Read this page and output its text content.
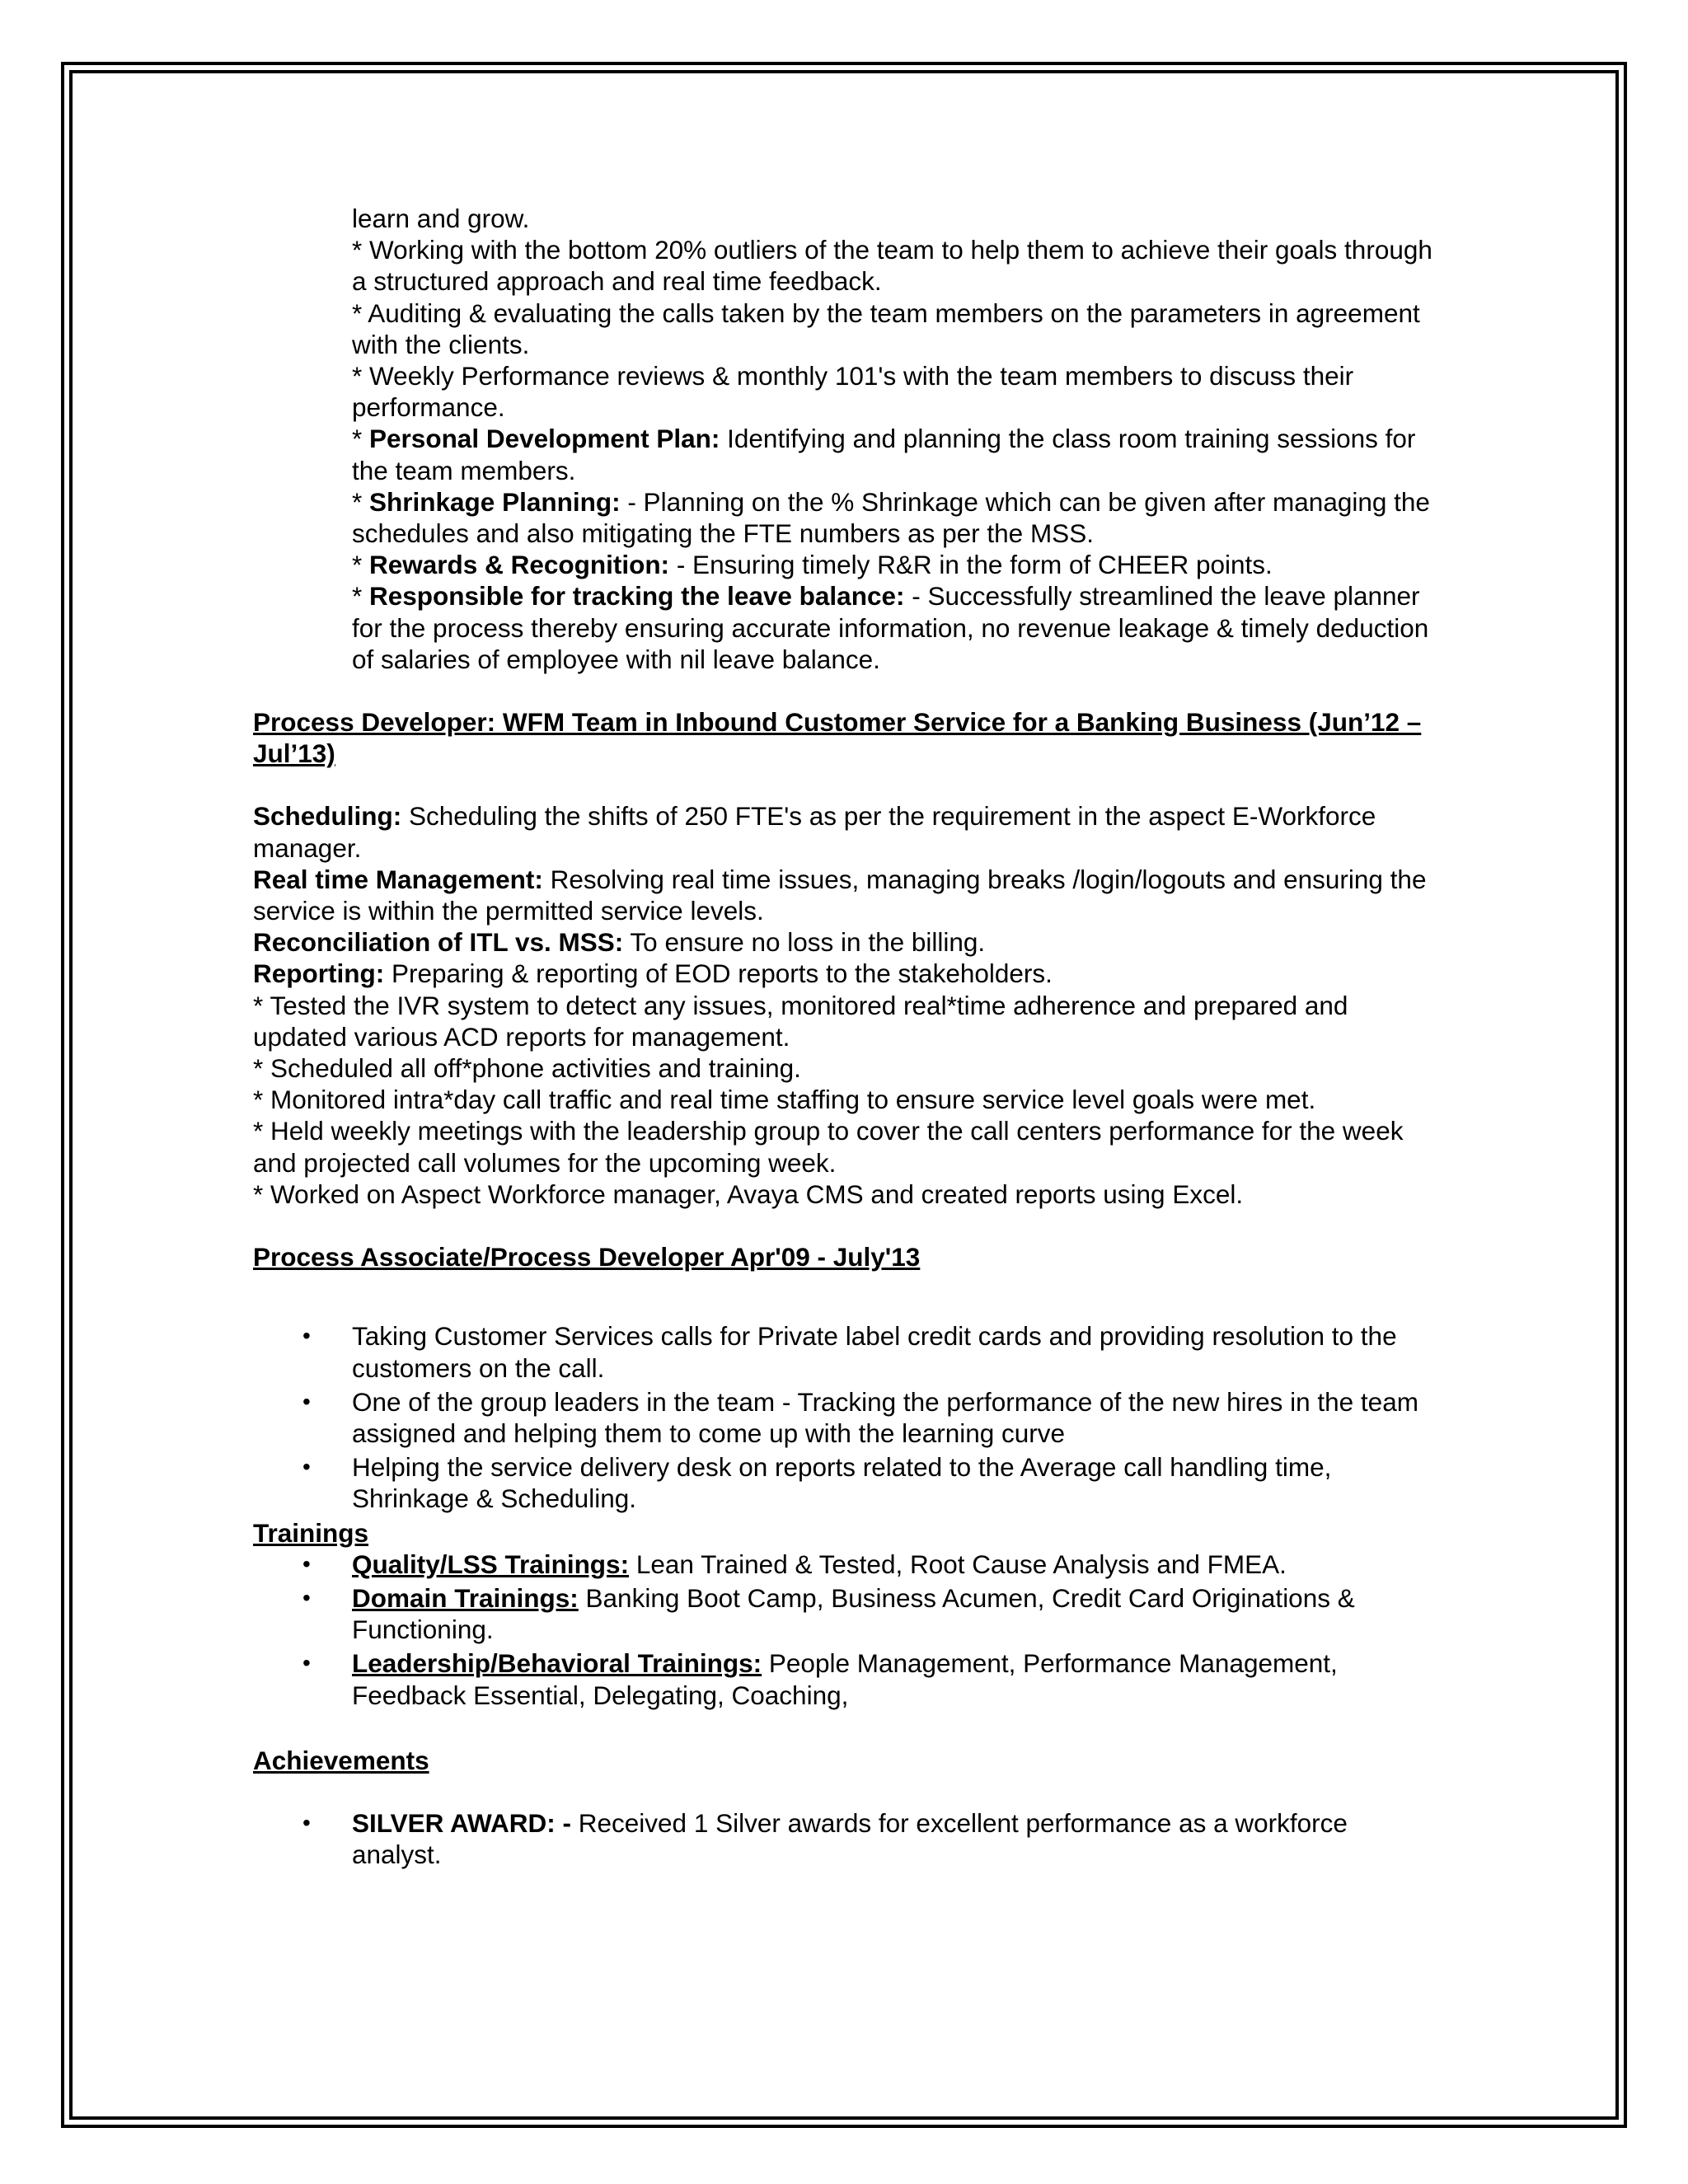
learn and grow.

* Working with the bottom 20% outliers of the team to help them to achieve their goals through a structured approach and real time feedback.

* Auditing & evaluating the calls taken by the team members on the parameters in agreement with the clients.

* Weekly Performance reviews & monthly 101's with the team members to discuss their performance.

* Personal Development Plan: Identifying and planning the class room training sessions for the team members.

* Shrinkage Planning: - Planning on the % Shrinkage which can be given after managing the schedules and also mitigating the FTE numbers as per the MSS.

* Rewards & Recognition: - Ensuring timely R&R in the form of CHEER points.

* Responsible for tracking the leave balance: - Successfully streamlined the leave planner for the process thereby ensuring accurate information, no revenue leakage & timely deduction of salaries of employee with nil leave balance.

Process Developer: WFM Team in Inbound Customer Service for a Banking Business (Jun’12 – Jul’13)

Scheduling: Scheduling the shifts of 250 FTE's as per the requirement in the aspect E-Workforce manager.

Real time Management: Resolving real time issues, managing breaks /login/logouts and ensuring the service is within the permitted service levels.

Reconciliation of ITL vs. MSS: To ensure no loss in the billing.

Reporting: Preparing & reporting of EOD reports to the stakeholders.

* Tested the IVR system to detect any issues, monitored real*time adherence and prepared and updated various ACD reports for management.

* Scheduled all off*phone activities and training.

* Monitored intra*day call traffic and real time staffing to ensure service level goals were met.

* Held weekly meetings with the leadership group to cover the call centers performance for the week and projected call volumes for the upcoming week.

* Worked on Aspect Workforce manager, Avaya CMS and created reports using Excel.

Process Associate/Process Developer Apr'09 - July'13

• Taking Customer Services calls for Private label credit cards and providing resolution to the customers on the call.
• One of the group leaders in the team - Tracking the performance of the new hires in the team assigned and helping them to come up with the learning curve
• Helping the service delivery desk on reports related to the Average call handling time, Shrinkage & Scheduling.

Trainings

• Quality/LSS Trainings: Lean Trained & Tested, Root Cause Analysis and FMEA.
• Domain Trainings: Banking Boot Camp, Business Acumen, Credit Card Originations & Functioning.
• Leadership/Behavioral Trainings: People Management, Performance Management, Feedback Essential, Delegating, Coaching,

Achievements

• SILVER AWARD: - Received 1 Silver awards for excellent performance as a workforce analyst.
